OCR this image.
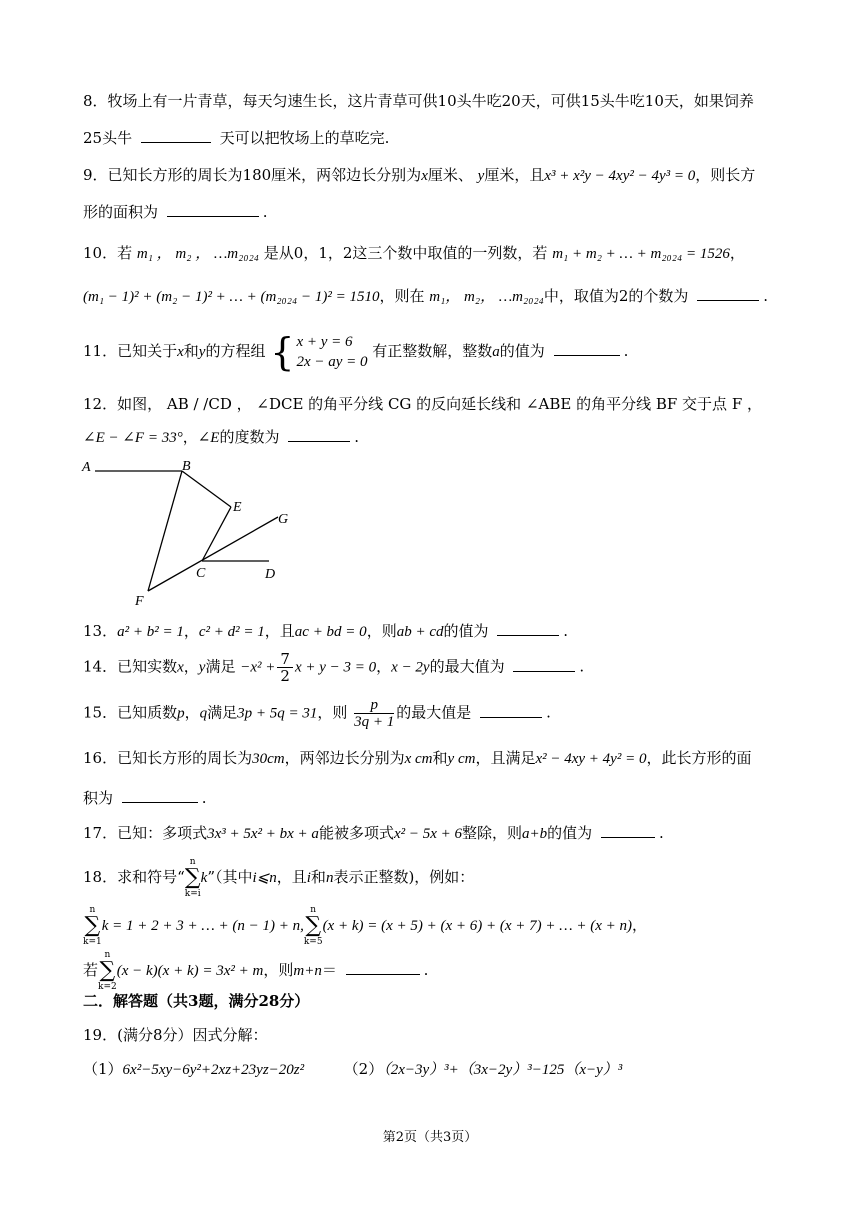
8．牧场上有一片青草，每天匀速生长，这片青草可供10头牛吃20天，可供15头牛吃10天，如果饲养
25头牛	天可以把牧场上的草吃完.
9．已知长方形的周长为180厘米，两邻边长分别为x厘米、 y厘米，且x³ + x²y − 4xy² − 4y³ = 0，则长方
形的面积为	.
10．若 m₁ ， m₂ ， …m₂₀₂₄ 是从0，1，2这三个数中取值的一列数，若 m₁ + m₂ + … + m₂₀₂₄ = 1526，
(m₁ − 1)² + (m₂ − 1)² + … + (m₂₀₂₄ − 1)² = 1510，则在 m₁， m₂， …m₂₀₂₄中，取值为2的个数为	.
11．已知关于x和y的方程组 { x + y = 6
2x − ay = 0
有正整数解，整数a的值为	.
12．如图， AB / /CD ， ∠DCE 的角平分线 CG 的反向延长线和 ∠ABE 的角平分线 BF 交于点 F ，
∠E − ∠F = 33°，∠E的度数为	.
A	B
E
G
C	D
F
13．a² + b² = 1，c² + d² = 1，且ac + bd = 0，则ab + cd的值为	.
14．已知实数x，y满足 $-x^2 + \frac{7}{2}$ x + y − 3 = 0，x − 2y的最大值为	.
15．已知质数p，q满足3p + 5q = 31，则 $\frac{p}{3q + 1}$ 的最大值是	.
16．已知长方形的周长为30cm，两邻边长分别为x cm和y cm，且满足x² − 4xy + 4y² = 0，此长方形的面
积为	.
17．已知：多项式3x³ + 5x² + bx + a能被多项式x² − 5x + 6整除，则a+b的值为	.
18．求和符号“n
∑
k=ik”（其中i⩽n，且i和n表示正整数)，例如：
n
∑
k=1k = 1 + 2 + 3 + … + (n − 1) + n,n
∑
k=5(x + k) = (x + 5) + (x + 6) + (x + 7) + … + (x + n)，
若n
∑
k=2(x − k)(x + k) = 3x² + m，则m+n＝	.
二．解答题（共3题，满分28分）
19．(满分8分）因式分解：
（1）6x²−5xy−6y²+2xz+23yz−20z²	（2）（2x−3y）³+（3x−2y）³−125（x−y）³
第2页（共3页）
